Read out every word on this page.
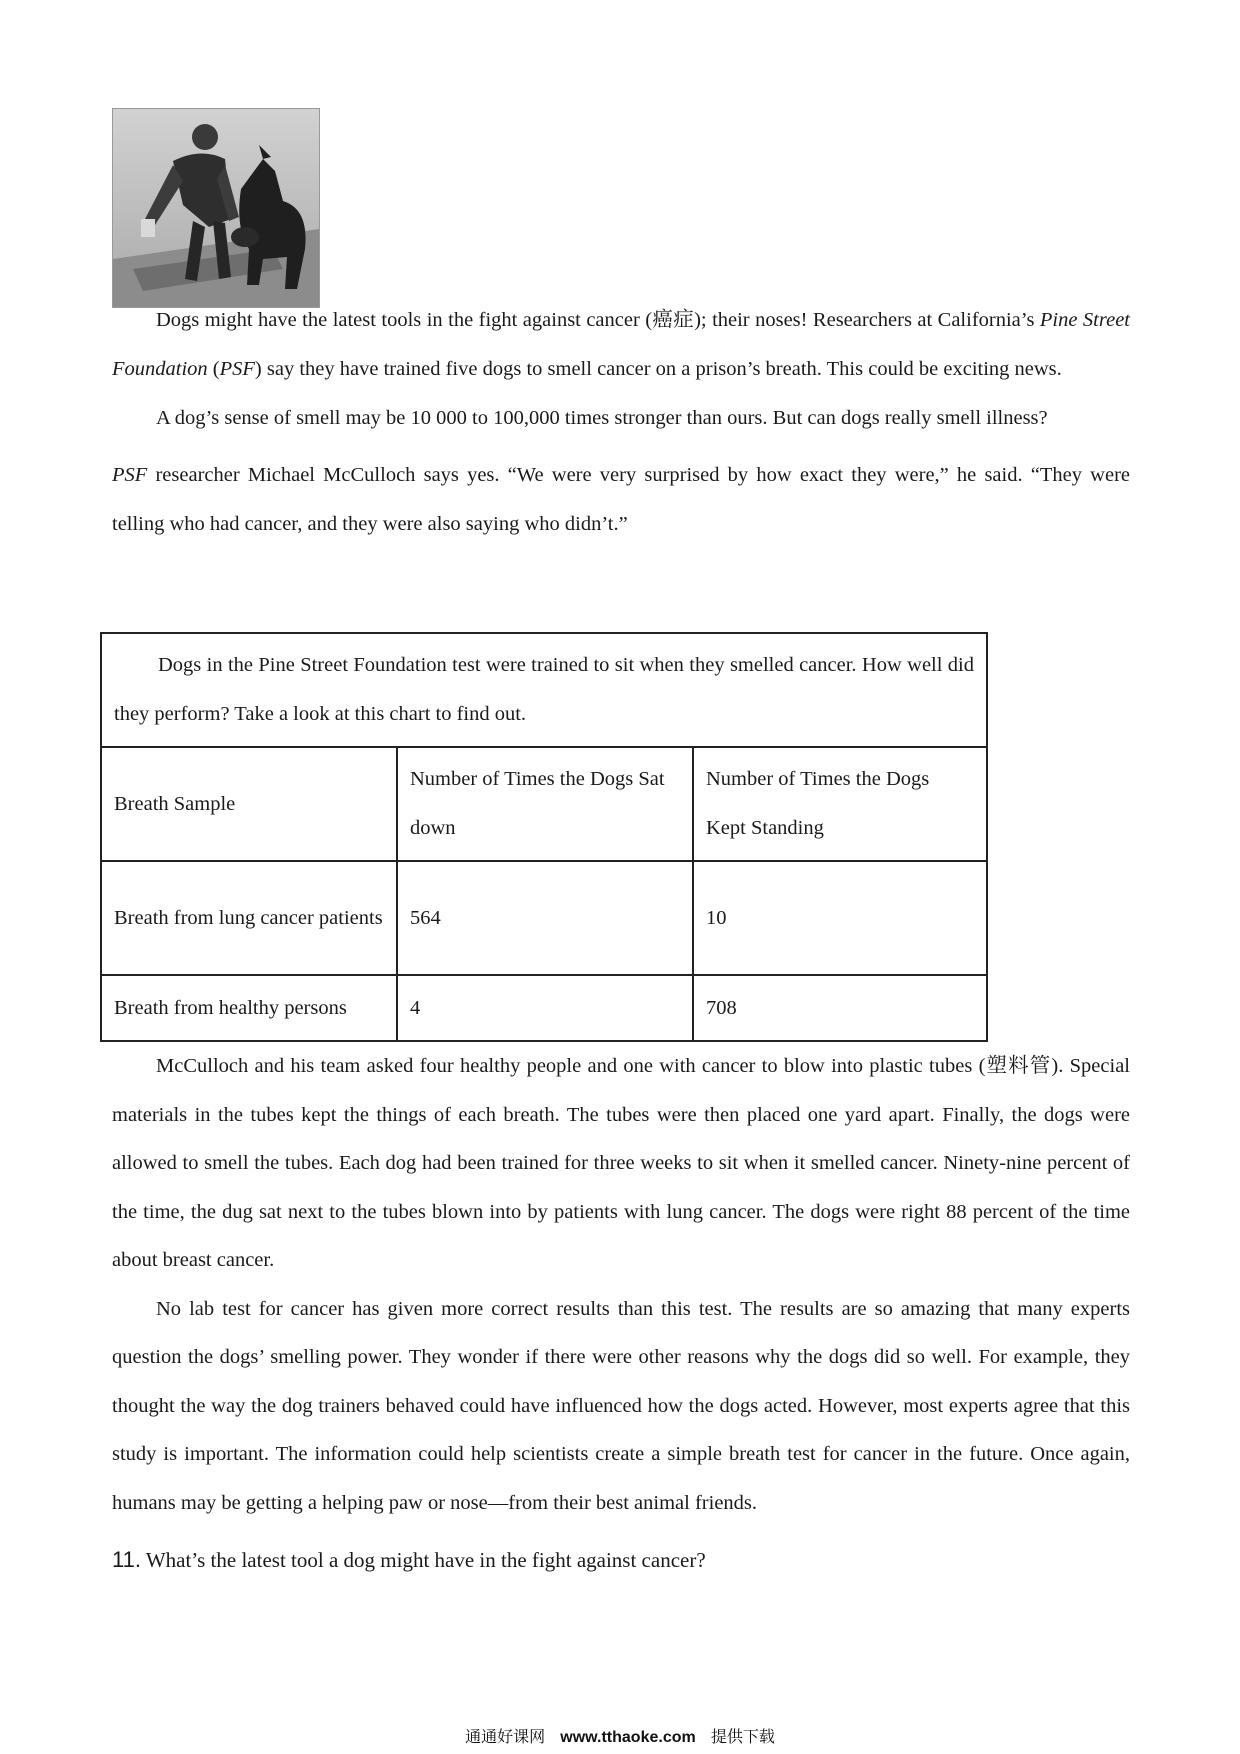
Dogs might have the latest tools in the fight against cancer (癌症); their noses! Researchers at California’s Pine Street Foundation (PSF) say they have trained five dogs to smell cancer on a prison’s breath. This could be exciting news.

A dog’s sense of smell may be 10 000 to 100,000 times stronger than ours. But can dogs really smell illness?

PSF researcher Michael McCulloch says yes. “We were very surprised by how exact they were,” he said. “They were telling who had cancer, and they were also saying who didn’t.”

Dogs in the Pine Street Foundation test were trained to sit when they smelled cancer. How well did they perform? Take a look at this chart to find out.		

Breath Sample	Number of Times the Dogs Sat down	Number of Times the Dogs Kept Standing
Breath from lung cancer patients	564	10
Breath from healthy persons	4	708

McCulloch and his team asked four healthy people and one with cancer to blow into plastic tubes (塑料管). Special materials in the tubes kept the things of each breath. The tubes were then placed one yard apart. Finally, the dogs were allowed to smell the tubes. Each dog had been trained for three weeks to sit when it smelled cancer. Ninety-nine percent of the time, the dug sat next to the tubes blown into by patients with lung cancer. The dogs were right 88 percent of the time about breast cancer.

No lab test for cancer has given more correct results than this test. The results are so amazing that many experts question the dogs’ smelling power. They wonder if there were other reasons why the dogs did so well. For example, they thought the way the dog trainers behaved could have influenced how the dogs acted. However, most experts agree that this study is important. The information could help scientists create a simple breath test for cancer in the future. Once again, humans may be getting a helping paw or nose—from their best animal friends.

11. What’s the latest tool a dog might have in the fight against cancer?
通通好课网 www.tthaoke.com 提供下载
